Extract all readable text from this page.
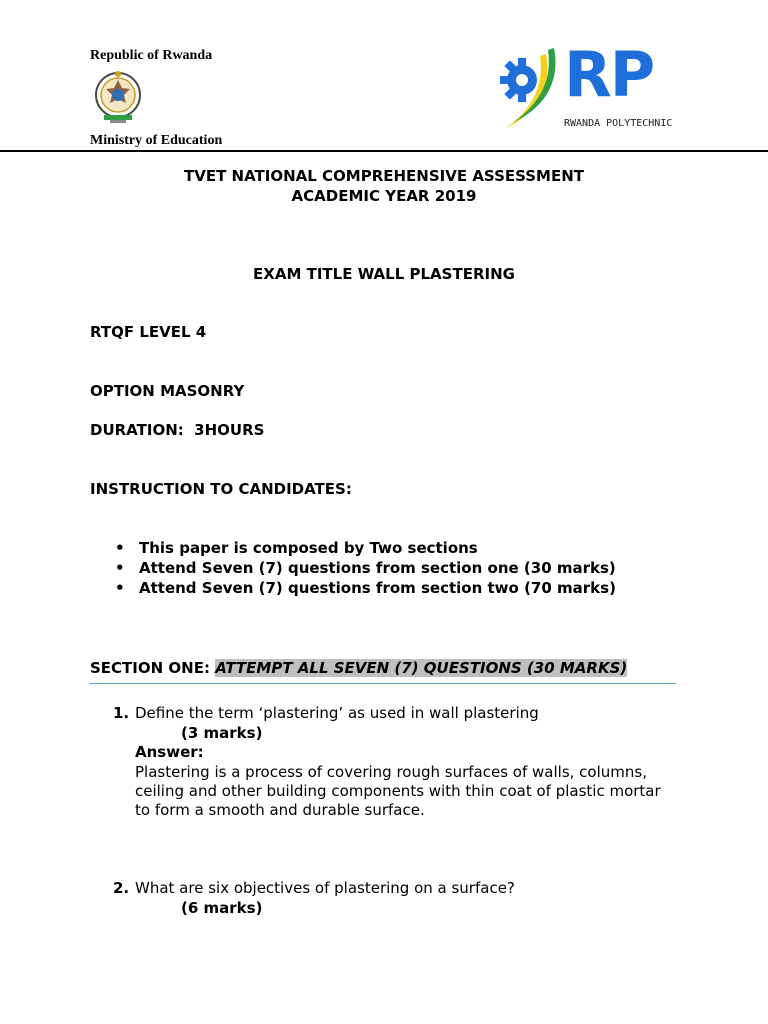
Republic of Rwanda
Ministry of Education
RP
RWANDA POLYTECHNIC
TVET NATIONAL COMPREHENSIVE ASSESSMENT
ACADEMIC YEAR 2019
EXAM TITLE WALL PLASTERING
RTQF LEVEL 4
OPTION MASONRY
DURATION:  3HOURS
INSTRUCTION TO CANDIDATES:
• This paper is composed by Two sections
• Attend Seven (7) questions from section one (30 marks)
• Attend Seven (7) questions from section two (70 marks)
SECTION ONE: ATTEMPT ALL SEVEN (7) QUESTIONS (30 MARKS)
1. Define the term ‘plastering’ as used in wall plastering
(3 marks)
Answer:
Plastering is a process of covering rough surfaces of walls, columns, ceiling and other building components with thin coat of plastic mortar to form a smooth and durable surface.
2. What are six objectives of plastering on a surface?
(6 marks)
